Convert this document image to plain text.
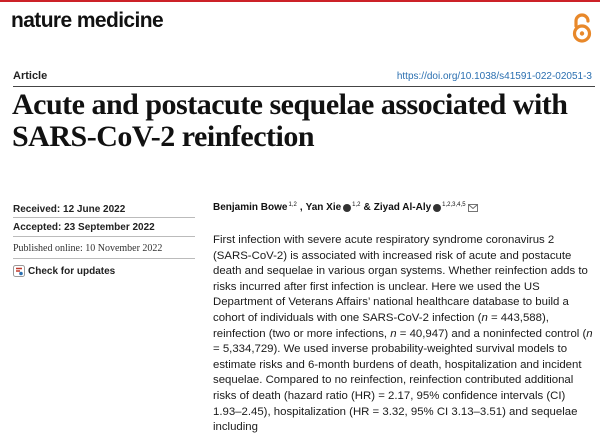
nature medicine
Article	https://doi.org/10.1038/s41591-022-02051-3
Acute and postacute sequelae associated with SARS-CoV-2 reinfection
Received: 12 June 2022
Accepted: 23 September 2022
Published online: 10 November 2022
Check for updates
Benjamin Bowe$^{1,2}$ , Yan Xie $^{1,2}$ & Ziyad Al-Aly $^{1,2,3,4,5}$

First infection with severe acute respiratory syndrome coronavirus 2 (SARS-CoV-2) is associated with increased risk of acute and postacute death and sequelae in various organ systems. Whether reinfection adds to risks incurred after first infection is unclear. Here we used the US Department of Veterans Affairs’ national healthcare database to build a cohort of individuals with one SARS-CoV-2 infection (n = 443,588), reinfection (two or more infections, n = 40,947) and a noninfected control (n = 5,334,729). We used inverse probability-weighted survival models to estimate risks and 6-month burdens of death, hospitalization and incident sequelae. Compared to no reinfection, reinfection contributed additional risks of death (hazard ratio (HR) = 2.17, 95% confidence intervals (CI) 1.93–2.45), hospitalization (HR = 3.32, 95% CI 3.13–3.51) and sequelae including
